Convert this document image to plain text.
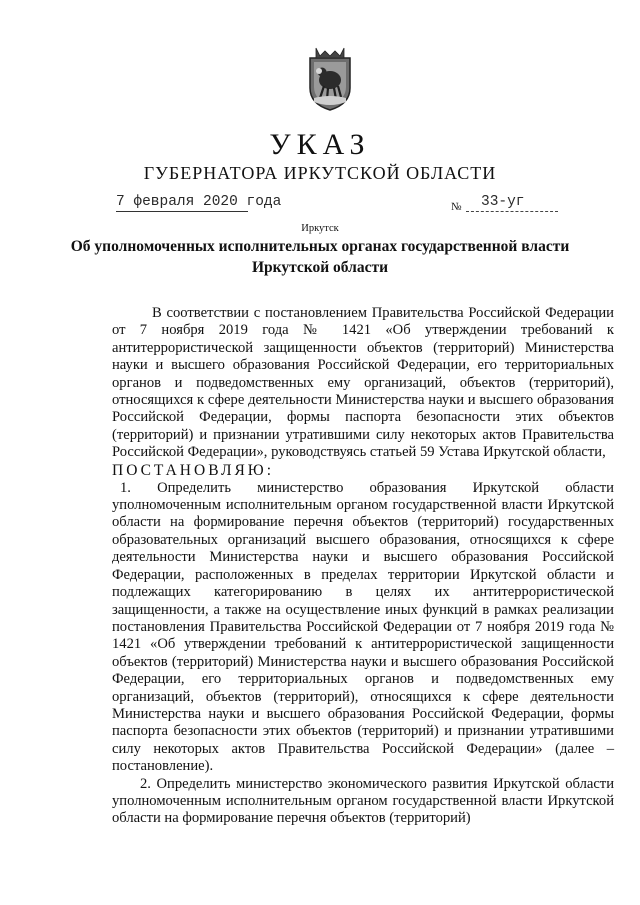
УКАЗ
ГУБЕРНАТОРА ИРКУТСКОЙ ОБЛАСТИ
7 февраля 2020 года	№ 33-уг
Иркутск
Об уполномоченных исполнительных органах государственной власти
Иркутской области

В соответствии с постановлением Правительства Российской Федерации от 7 ноября 2019 года № 1421 «Об утверждении требований к антитеррористической защищенности объектов (территорий) Министерства науки и высшего образования Российской Федерации, его территориальных органов и подведомственных ему организаций, объектов (территорий), относящихся к сфере деятельности Министерства науки и высшего образования Российской Федерации, формы паспорта безопасности этих объектов (территорий) и признании утратившими силу некоторых актов Правительства Российской Федерации», руководствуясь статьей 59 Устава Иркутской области,

ПОСТАНОВЛЯЮ:

1. Определить министерство образования Иркутской области уполномоченным исполнительным органом государственной власти Иркутской области на формирование перечня объектов (территорий) государственных образовательных организаций высшего образования, относящихся к сфере деятельности Министерства науки и высшего образования Российской Федерации, расположенных в пределах территории Иркутской области и подлежащих категорированию в целях их антитеррористической защищенности, а также на осуществление иных функций в рамках реализации постановления Правительства Российской Федерации от 7 ноября 2019 года № 1421 «Об утверждении требований к антитеррористической защищенности объектов (территорий) Министерства науки и высшего образования Российской Федерации, его территориальных органов и подведомственных ему организаций, объектов (территорий), относящихся к сфере деятельности Министерства науки и высшего образования Российской Федерации, формы паспорта безопасности этих объектов (территорий) и признании утратившими силу некоторых актов Правительства Российской Федерации» (далее – постановление).

2. Определить министерство экономического развития Иркутской области уполномоченным исполнительным органом государственной власти Иркутской области на формирование перечня объектов (территорий)
